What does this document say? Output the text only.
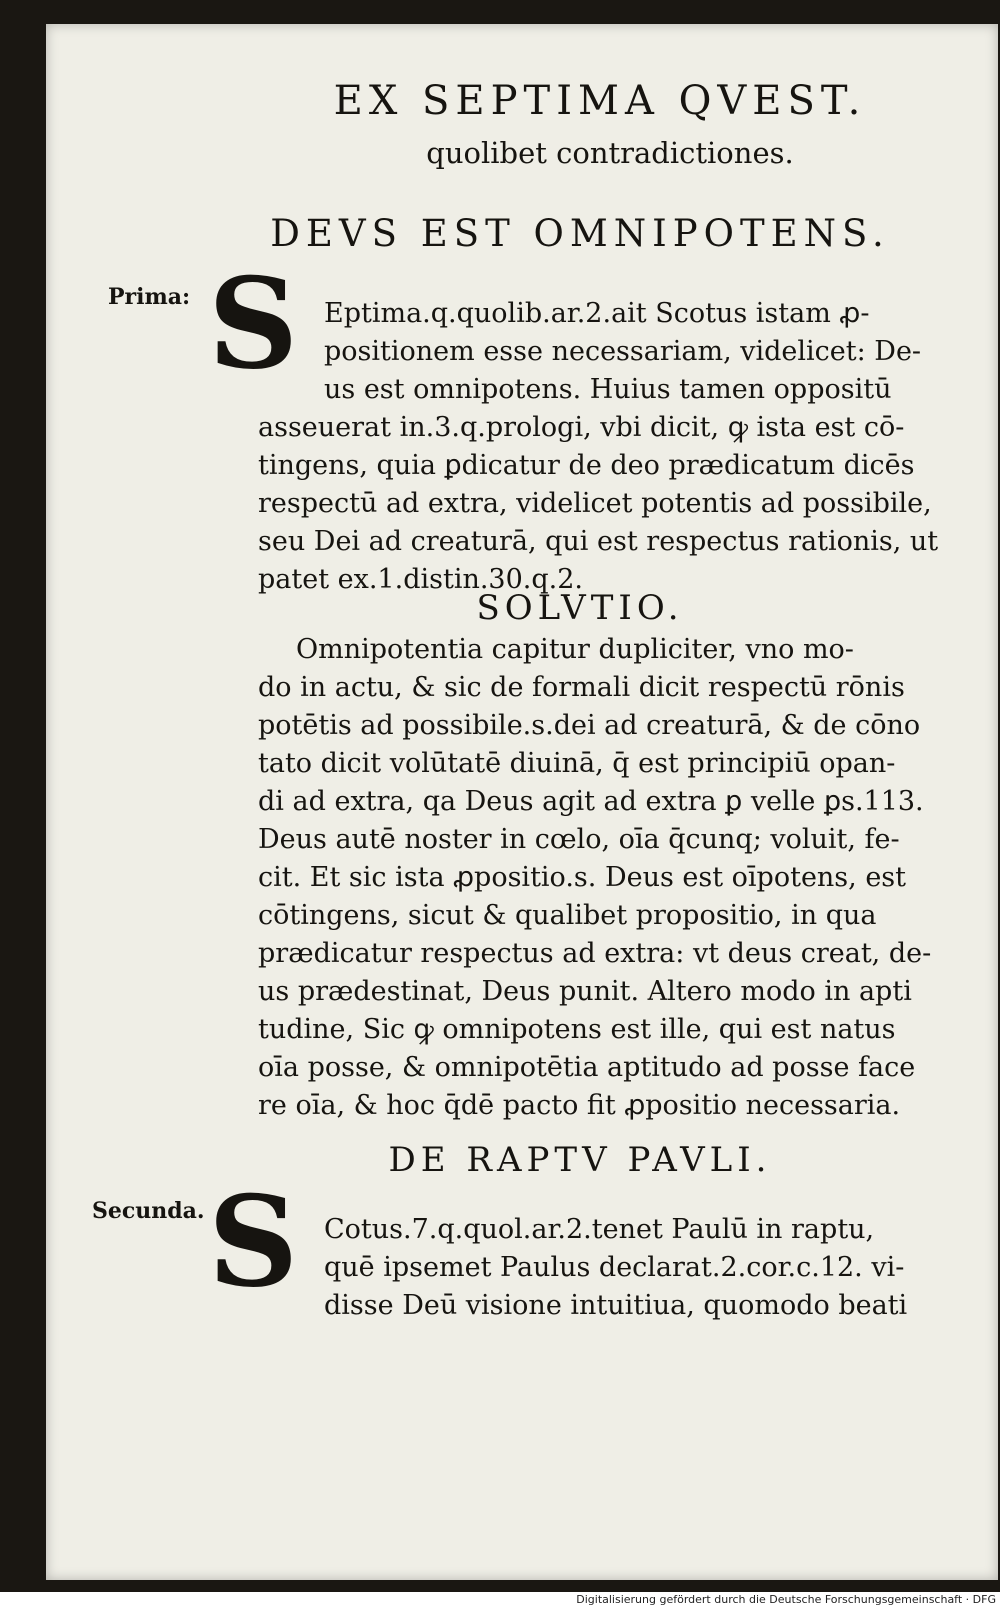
EX SEPTIMA QVEST.
quolibet contradictiones.
DEVS EST OMNIPOTENS.
Prima:
Secunda.
S Eptima.q.quolib.ar.2.ait Scotus istam ꝓ-
positionem esse necessariam, videlicet: De-
us est omnipotens. Huius tamen oppositū
asseuerat in.3.q.prologi, vbi dicit, ꝙ ista est cō-
tingens, quia ꝑdicatur de deo prædicatum dicēs
respectū ad extra, videlicet potentis ad possibile,
seu Dei ad creaturā, qui est respectus rationis, ut
patet ex.1.distin.30.q.2.
SOLVTIO.
Omnipotentia capitur dupliciter, vno mo-
do in actu, & sic de formali dicit respectū rōnis
potētis ad possibile.s.dei ad creaturā, & de cōno
tato dicit volūtatē diuinā, q̄ est principiū opan-
di ad extra, qa Deus agit ad extra ꝑ velle ꝑs.113.
Deus autē noster in cœlo, oīa q̄cunq; voluit, fe-
cit. Et sic ista ꝓpositio.s. Deus est oīpotens, est
cōtingens, sicut & qualibet propositio, in qua
prædicatur respectus ad extra: vt deus creat, de-
us prædestinat, Deus punit. Altero modo in apti
tudine, Sic ꝙ omnipotens est ille, qui est natus
oīa posse, & omnipotētia aptitudo ad posse face
re oīa, & hoc q̄dē pacto fit ꝓpositio necessaria.
DE RAPTV PAVLI.
S Cotus.7.q.quol.ar.2.tenet Paulū in raptu,
quē ipsemet Paulus declarat.2.cor.c.12. vi-
disse Deū visione intuitiua, quomodo beati
Digitalisierung gefördert durch die Deutsche Forschungsgemeinschaft · DFG
